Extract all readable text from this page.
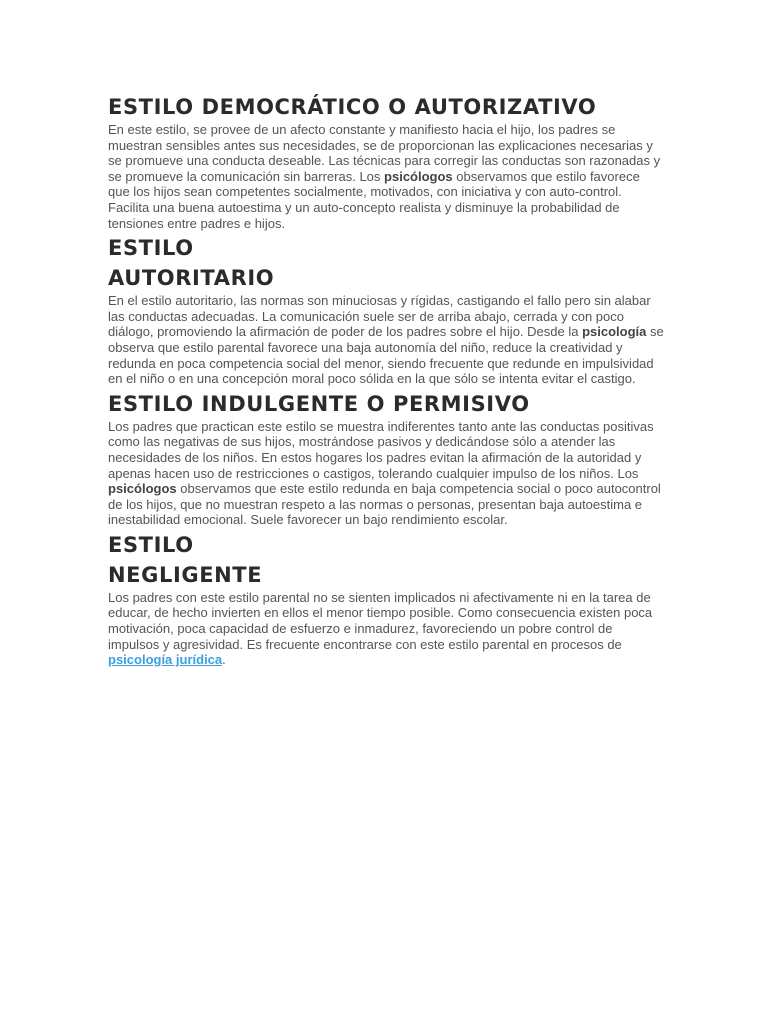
ESTILO DEMOCRÁTICO O AUTORIZATIVO

En este estilo, se provee de un afecto constante y manifiesto hacia el hijo, los padres se muestran sensibles antes sus necesidades, se de proporcionan las explicaciones necesarias y se promueve una conducta deseable. Las técnicas para corregir las conductas son razonadas y se promueve la comunicación sin barreras. Los psicólogos observamos que estilo favorece que los hijos sean competentes socialmente, motivados, con iniciativa y con auto-control. Facilita una buena autoestima y un auto-concepto realista y disminuye la probabilidad de tensiones entre padres e hijos.

ESTILO AUTORITARIO

En el estilo autoritario, las normas son minuciosas y rígidas, castigando el fallo pero sin alabar las conductas adecuadas. La comunicación suele ser de arriba abajo, cerrada y con poco diálogo, promoviendo la afirmación de poder de los padres sobre el hijo. Desde la psicología se observa que estilo parental favorece una baja autonomía del niño, reduce la creatividad y redunda en poca competencia social del menor, siendo frecuente que redunde en impulsividad en el niño o en una concepción moral poco sólida en la que sólo se intenta evitar el castigo.

ESTILO INDULGENTE O PERMISIVO

Los padres que practican este estilo se muestra indiferentes tanto ante las conductas positivas como las negativas de sus hijos, mostrándose pasivos y dedicándose sólo a atender las necesidades de los niños. En estos hogares los padres evitan la afirmación de la autoridad y apenas hacen uso de restricciones o castigos, tolerando cualquier impulso de los niños. Los psicólogos observamos que este estilo redunda en baja competencia social o poco autocontrol de los hijos, que no muestran respeto a las normas o personas, presentan baja autoestima e inestabilidad emocional. Suele favorecer un bajo rendimiento escolar.

ESTILO NEGLIGENTE

Los padres con este estilo parental no se sienten implicados ni afectivamente ni en la tarea de educar, de hecho invierten en ellos el menor tiempo posible. Como consecuencia existen poca motivación, poca capacidad de esfuerzo e inmadurez, favoreciendo un pobre control de impulsos y agresividad. Es frecuente encontrarse con este estilo parental en procesos de psicología jurídica.
